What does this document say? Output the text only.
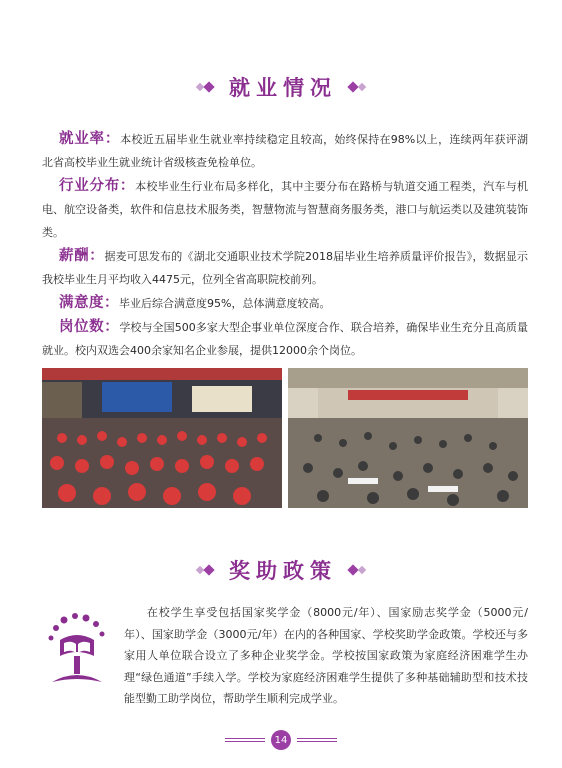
就业情况

就业率：本校近五届毕业生就业率持续稳定且较高，始终保持在98%以上，连续两年获评湖北省高校毕业生就业统计省级核查免检单位。

行业分布：本校毕业生行业布局多样化，其中主要分布在路桥与轨道交通工程类，汽车与机电、航空设备类，软件和信息技术服务类，智慧物流与智慧商务服务类，港口与航运类以及建筑装饰类。

薪酬：据麦可思发布的《湖北交通职业技术学院2018届毕业生培养质量评价报告》，数据显示我校毕业生月平均收入4475元，位列全省高职院校前列。

满意度：毕业后综合满意度95%，总体满意度较高。

岗位数：学校与全国500多家大型企事业单位深度合作、联合培养，确保毕业生充分且高质量就业。校内双选会400余家知名企业参展，提供12000余个岗位。

奖助政策
在校学生享受包括国家奖学金（8000元/年）、国家励志奖学金（5000元/年）、国家助学金（3000元/年）在内的各种国家、学校奖助学金政策。学校还与多家用人单位联合设立了多种企业奖学金。学校按国家政策为家庭经济困难学生办理“绿色通道”手续入学。学校为家庭经济困难学生提供了多种基础辅助型和技术技能型勤工助学岗位，帮助学生顺利完成学业。
14
